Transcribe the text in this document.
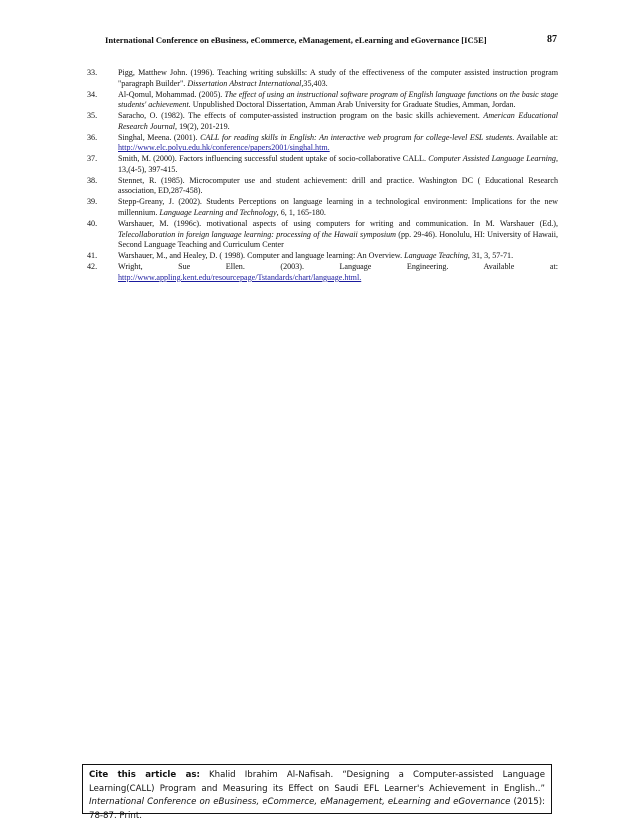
International Conference on eBusiness, eCommerce, eManagement, eLearning and eGovernance [IC5E]	87
33.	Pigg, Matthew John. (1996). Teaching writing subskills: A study of the effectiveness of the computer assisted instruction program "paragraph Builder". Dissertation Abstract International,35,403.
34.	Al-Qomul, Mohammad. (2005). The effect of using an instructional software program of English language functions on the basic stage students' achievement. Unpublished Doctoral Dissertation, Amman Arab University for Graduate Studies, Amman, Jordan.
35.	Saracho, O. (1982). The effects of computer-assisted instruction program on the basic skills achievement. American Educational Research Journal, 19(2), 201-219.
36.	Singhal, Meena. (2001). CALL for reading skills in English: An interactive web program for college-level ESL students. Available at: http://www.elc.polyu.edu.hk/conference/papers2001/singhal.htm.
37.	Smith, M. (2000). Factors influencing successful student uptake of socio-collaborative CALL. Computer Assisted Language Learning, 13,(4-5), 397-415.
38.	Stennet, R. (1985). Microcomputer use and student achievement: drill and practice. Washington DC ( Educational Research association, ED,287-458).
39.	Stepp-Greany, J. (2002). Students Perceptions on language learning in a technological environment: Implications for the new millennium. Language Learning and Technology, 6, 1, 165-180.
40.	Warshauer, M. (1996c). motivational aspects of using computers for writing and communication. In M. Warshauer (Ed.), Telecollaboration in foreign language learning: processing of the Hawaii symposium (pp. 29-46). Honolulu, HI: University of Hawaii, Second Language Teaching and Curriculum Center
41.	Warshauer, M., and Healey, D. ( 1998). Computer and language learning: An Overview. Language Teaching, 31, 3, 57-71.
42.	Wright, Sue Ellen. (2003). Language Engineering. Available at: http://www.appling.kent.edu/resourcepage/Tstandards/chart/language.html.
Cite this article as: Khalid Ibrahim Al-Nafisah. “Designing a Computer-assisted Language Learning(CALL) Program and Measuring its Effect on Saudi EFL Learner's Achievement in English..” International Conference on eBusiness, eCommerce, eManagement, eLearning and eGovernance (2015): 78-87. Print.
